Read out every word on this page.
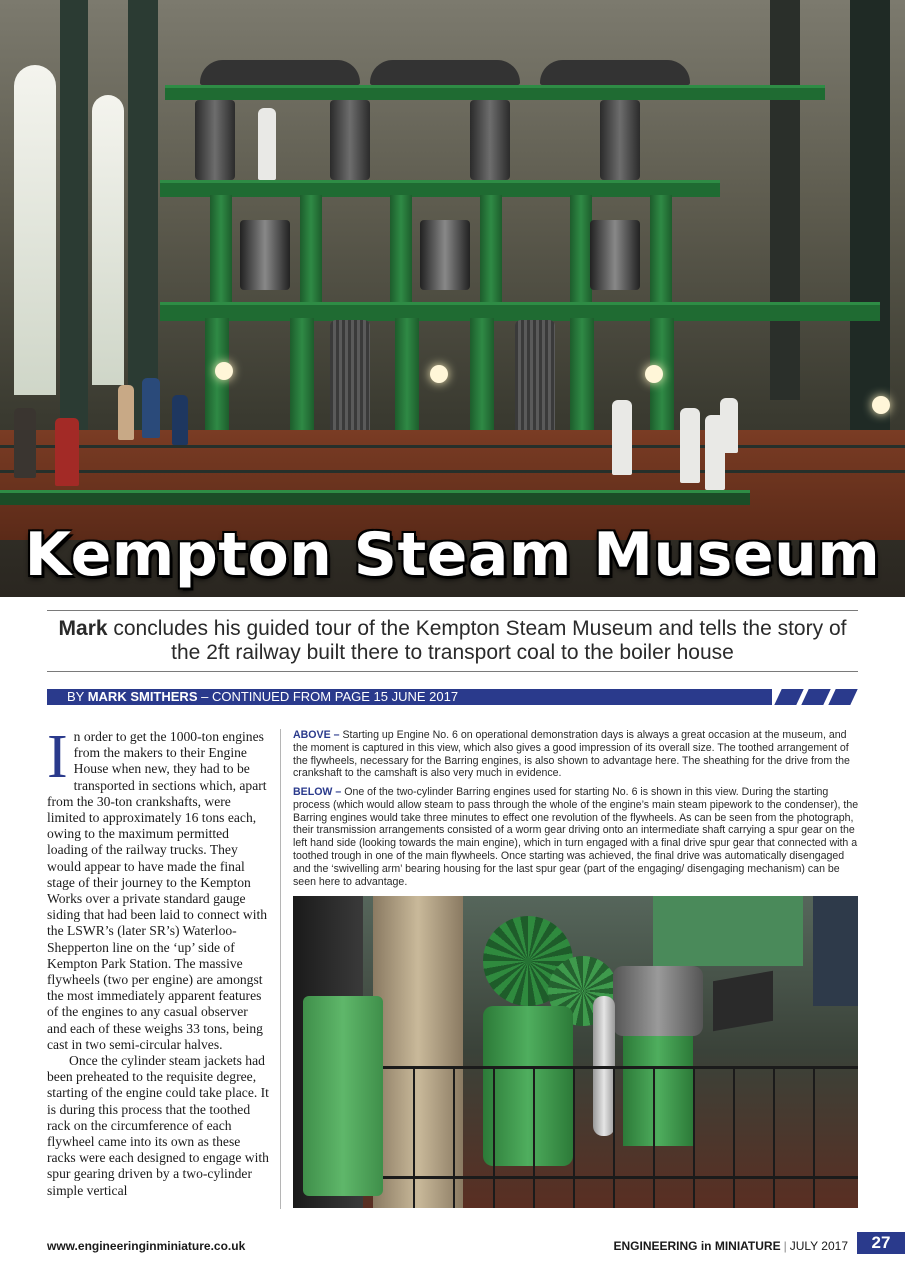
Kempton Steam Museum
Mark concludes his guided tour of the Kempton Steam Museum and tells the story of the 2ft railway built there to transport coal to the boiler house
BY MARK SMITHERS – CONTINUED FROM PAGE 15 JUNE 2017

In order to get the 1000-ton engines from the makers to their Engine House when new, they had to be transported in sections which, apart from the 30-ton crankshafts, were limited to approximately 16 tons each, owing to the maximum permitted loading of the railway trucks. They would appear to have made the final stage of their journey to the Kempton Works over a private standard gauge siding that had been laid to connect with the LSWR’s (later SR’s) Waterloo-Shepperton line on the ‘up’ side of Kempton Park Station. The massive flywheels (two per engine) are amongst the most immediately apparent features of the engines to any casual observer and each of these weighs 33 tons, being cast in two semi-circular halves.

Once the cylinder steam jackets had been preheated to the requisite degree, starting of the engine could take place. It is during this process that the toothed rack on the circumference of each flywheel came into its own as these racks were each designed to engage with spur gearing driven by a two-cylinder simple vertical

ABOVE – Starting up Engine No. 6 on operational demonstration days is always a great occasion at the museum, and the moment is captured in this view, which also gives a good impression of its overall size. The toothed arrangement of the flywheels, necessary for the Barring engines, is also shown to advantage here. The sheathing for the drive from the crankshaft to the camshaft is also very much in evidence.
BELOW – One of the two-cylinder Barring engines used for starting No. 6 is shown in this view. During the starting process (which would allow steam to pass through the whole of the engine’s main steam pipework to the condenser), the Barring engines would take three minutes to effect one revolution of the flywheels. As can be seen from the photograph, their transmission arrangements consisted of a worm gear driving onto an intermediate shaft carrying a spur gear on the left hand side (looking towards the main engine), which in turn engaged with a final drive spur gear that connected with a toothed trough in one of the main flywheels. Once starting was achieved, the final drive was automatically disengaged and the ‘swivelling arm’ bearing housing for the last spur gear (part of the engaging/ disengaging mechanism) can be seen here to advantage.
www.engineeringinminiature.co.uk	ENGINEERING in MINIATURE | JULY 2017	27
